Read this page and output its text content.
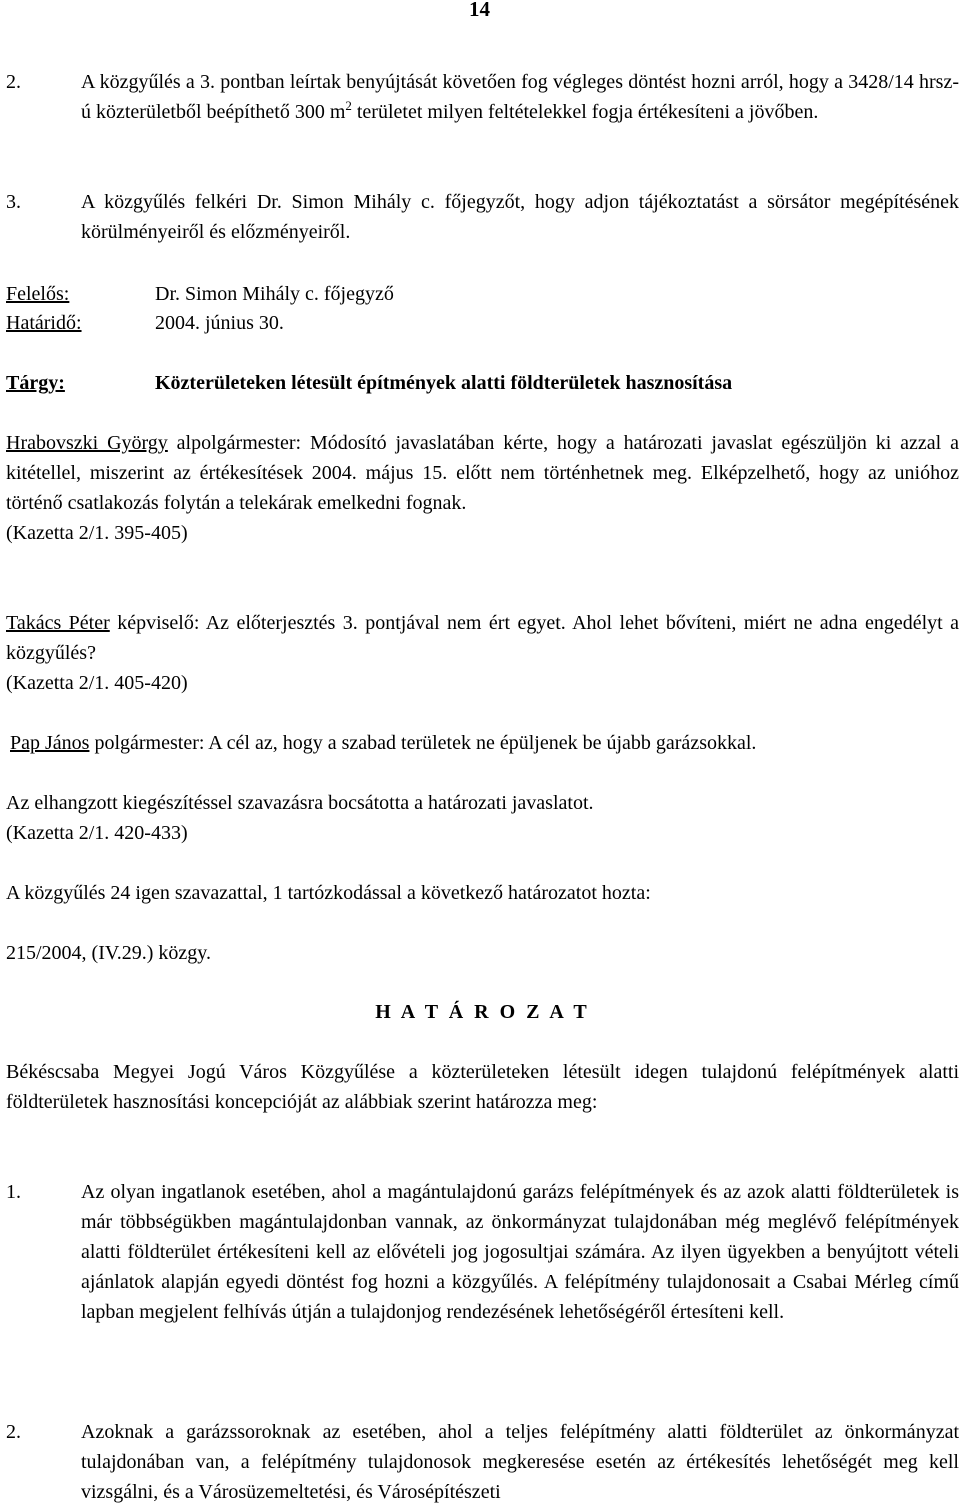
14
2.	A közgyűlés a 3. pontban leírtak benyújtását követően fog végleges döntést hozni arról, hogy a 3428/14 hrsz-ú közterületből beépíthető 300 $m^2$ területet milyen feltételekkel fogja értékesíteni a jövőben.
3.	A közgyűlés felkéri Dr. Simon Mihály c. főjegyzőt, hogy adjon tájékoztatást a sörsátor megépítésének körülményeiről és előzményeiről.
Felelős:	Dr. Simon Mihály c. főjegyző
Határidő:	2004. június 30.
Tárgy:	Közterületeken létesült építmények alatti földterületek hasznosítása

Hrabovszki György alpolgármester: Módosító javaslatában kérte, hogy a határozati javaslat egészüljön ki azzal a kitétellel, miszerint az értékesítések 2004. május 15. előtt nem történhetnek meg. Elképzelhető, hogy az unióhoz történő csatlakozás folytán a telekárak emelkedni fognak.
(Kazetta 2/1. 395-405)

Takács Péter képviselő: Az előterjesztés 3. pontjával nem ért egyet. Ahol lehet bővíteni, miért ne adna engedélyt a közgyűlés?
(Kazetta 2/1. 405-420)

Pap János polgármester: A cél az, hogy a szabad területek ne épüljenek be újabb garázsokkal.

Az elhangzott kiegészítéssel szavazásra bocsátotta a határozati javaslatot.
(Kazetta 2/1. 420-433)
A közgyűlés 24 igen szavazattal, 1 tartózkodással a következő határozatot hozta:
215/2004, (IV.29.) közgy.
H A T Á R O Z A T

Békéscsaba Megyei Jogú Város Közgyűlése a közterületeken létesült idegen tulajdonú felépítmények alatti földterületek hasznosítási koncepcióját az alábbiak szerint határozza meg:

1.	Az olyan ingatlanok esetében, ahol a magántulajdonú garázs felépítmények és az azok alatti földterületek is már többségükben magántulajdonban vannak, az önkormányzat tulajdonában még meglévő felépítmények alatti földterület értékesíteni kell az elővételi jog jogosultjai számára. Az ilyen ügyekben a benyújtott vételi ajánlatok alapján egyedi döntést fog hozni a közgyűlés. A felépítmény tulajdonosait a Csabai Mérleg című lapban megjelent felhívás útján a tulajdonjog rendezésének lehetőségéről értesíteni kell.
2.	Azoknak a garázssoroknak az esetében, ahol a teljes felépítmény alatti földterület az önkormányzat tulajdonában van, a felépítmény tulajdonosok megkeresése esetén az értékesítés lehetőségét meg kell vizsgálni, és a Városüzemeltetési, és Városépítészeti
